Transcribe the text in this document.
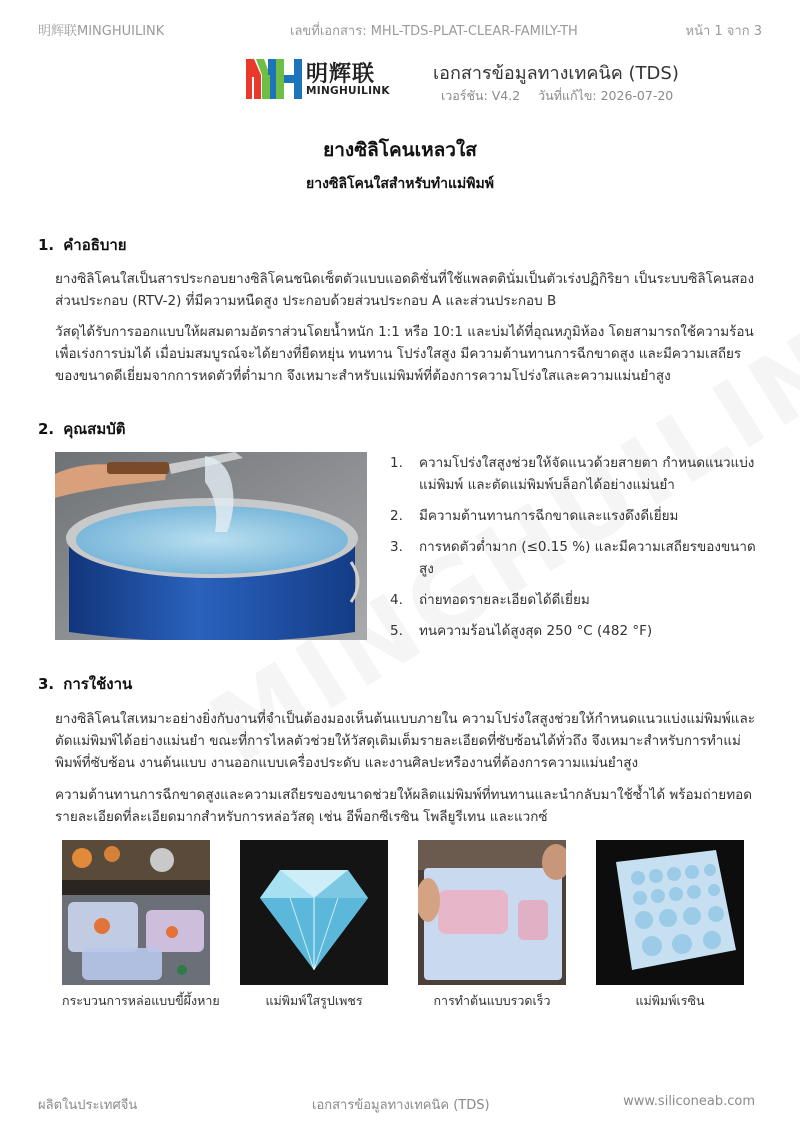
明辉联MINGHUILINK	เลขที่เอกสาร: MHL-TDS-PLAT-CLEAR-FAMILY-TH	หน้า 1 จาก 3
明辉联
MINGHUILINK
เอกสารข้อมูลทางเทคนิค (TDS)
เวอร์ชัน: V4.2 วันที่แก้ไข: 2026-07-20
ยางซิลิโคนเหลวใส
ยางซิลิโคนใสสำหรับทำแม่พิมพ์
1. คำอธิบาย
ยางซิลิโคนใสเป็นสารประกอบยางซิลิโคนชนิดเซ็ตตัวแบบแอดดิชั่นที่ใช้แพลตตินั่มเป็นตัวเร่งปฏิกิริยา เป็นระบบซิลิโคนสองส่วนประกอบ (RTV-2) ที่มีความหนืดสูง ประกอบด้วยส่วนประกอบ A และส่วนประกอบ B
วัสดุได้รับการออกแบบให้ผสมตามอัตราส่วนโดยน้ำหนัก 1:1 หรือ 10:1 และบ่มได้ที่อุณหภูมิห้อง โดยสามารถใช้ความร้อนเพื่อเร่งการบ่มได้ เมื่อบ่มสมบูรณ์จะได้ยางที่ยืดหยุ่น ทนทาน โปร่งใสสูง มีความต้านทานการฉีกขาดสูง และมีความเสถียรของขนาดดีเยี่ยมจากการหดตัวที่ต่ำมาก จึงเหมาะสำหรับแม่พิมพ์ที่ต้องการความโปร่งใสและความแม่นยำสูง
2. คุณสมบัติ
1. ความโปร่งใสสูงช่วยให้จัดแนวด้วยสายตา กำหนดแนวแบ่งแม่พิมพ์ และตัดแม่พิมพ์บล็อกได้อย่างแม่นยำ
2. มีความต้านทานการฉีกขาดและแรงดึงดีเยี่ยม
3. การหดตัวต่ำมาก (≤0.15 %) และมีความเสถียรของขนาดสูง
4. ถ่ายทอดรายละเอียดได้ดีเยี่ยม
5. ทนความร้อนได้สูงสุด 250 °C (482 °F)
3. การใช้งาน
ยางซิลิโคนใสเหมาะอย่างยิ่งกับงานที่จำเป็นต้องมองเห็นต้นแบบภายใน ความโปร่งใสสูงช่วยให้กำหนดแนวแบ่งแม่พิมพ์และตัดแม่พิมพ์ได้อย่างแม่นยำ ขณะที่การไหลตัวช่วยให้วัสดุเติมเต็มรายละเอียดที่ซับซ้อนได้ทั่วถึง จึงเหมาะสำหรับการทำแม่พิมพ์ที่ซับซ้อน งานต้นแบบ งานออกแบบเครื่องประดับ และงานศิลปะหรืองานที่ต้องการความแม่นยำสูง
ความต้านทานการฉีกขาดสูงและความเสถียรของขนาดช่วยให้ผลิตแม่พิมพ์ที่ทนทานและนำกลับมาใช้ซ้ำได้ พร้อมถ่ายทอดรายละเอียดที่ละเอียดมากสำหรับการหล่อวัสดุ เช่น อีพ็อกซีเรซิน โพลียูรีเทน และแวกซ์
กระบวนการหล่อแบบขี้ผึ้งหาย	แม่พิมพ์ใสรูปเพชร	การทำต้นแบบรวดเร็ว	แม่พิมพ์เรซิน
ผลิตในประเทศจีน	เอกสารข้อมูลทางเทคนิค (TDS)	www.siliconeab.com
